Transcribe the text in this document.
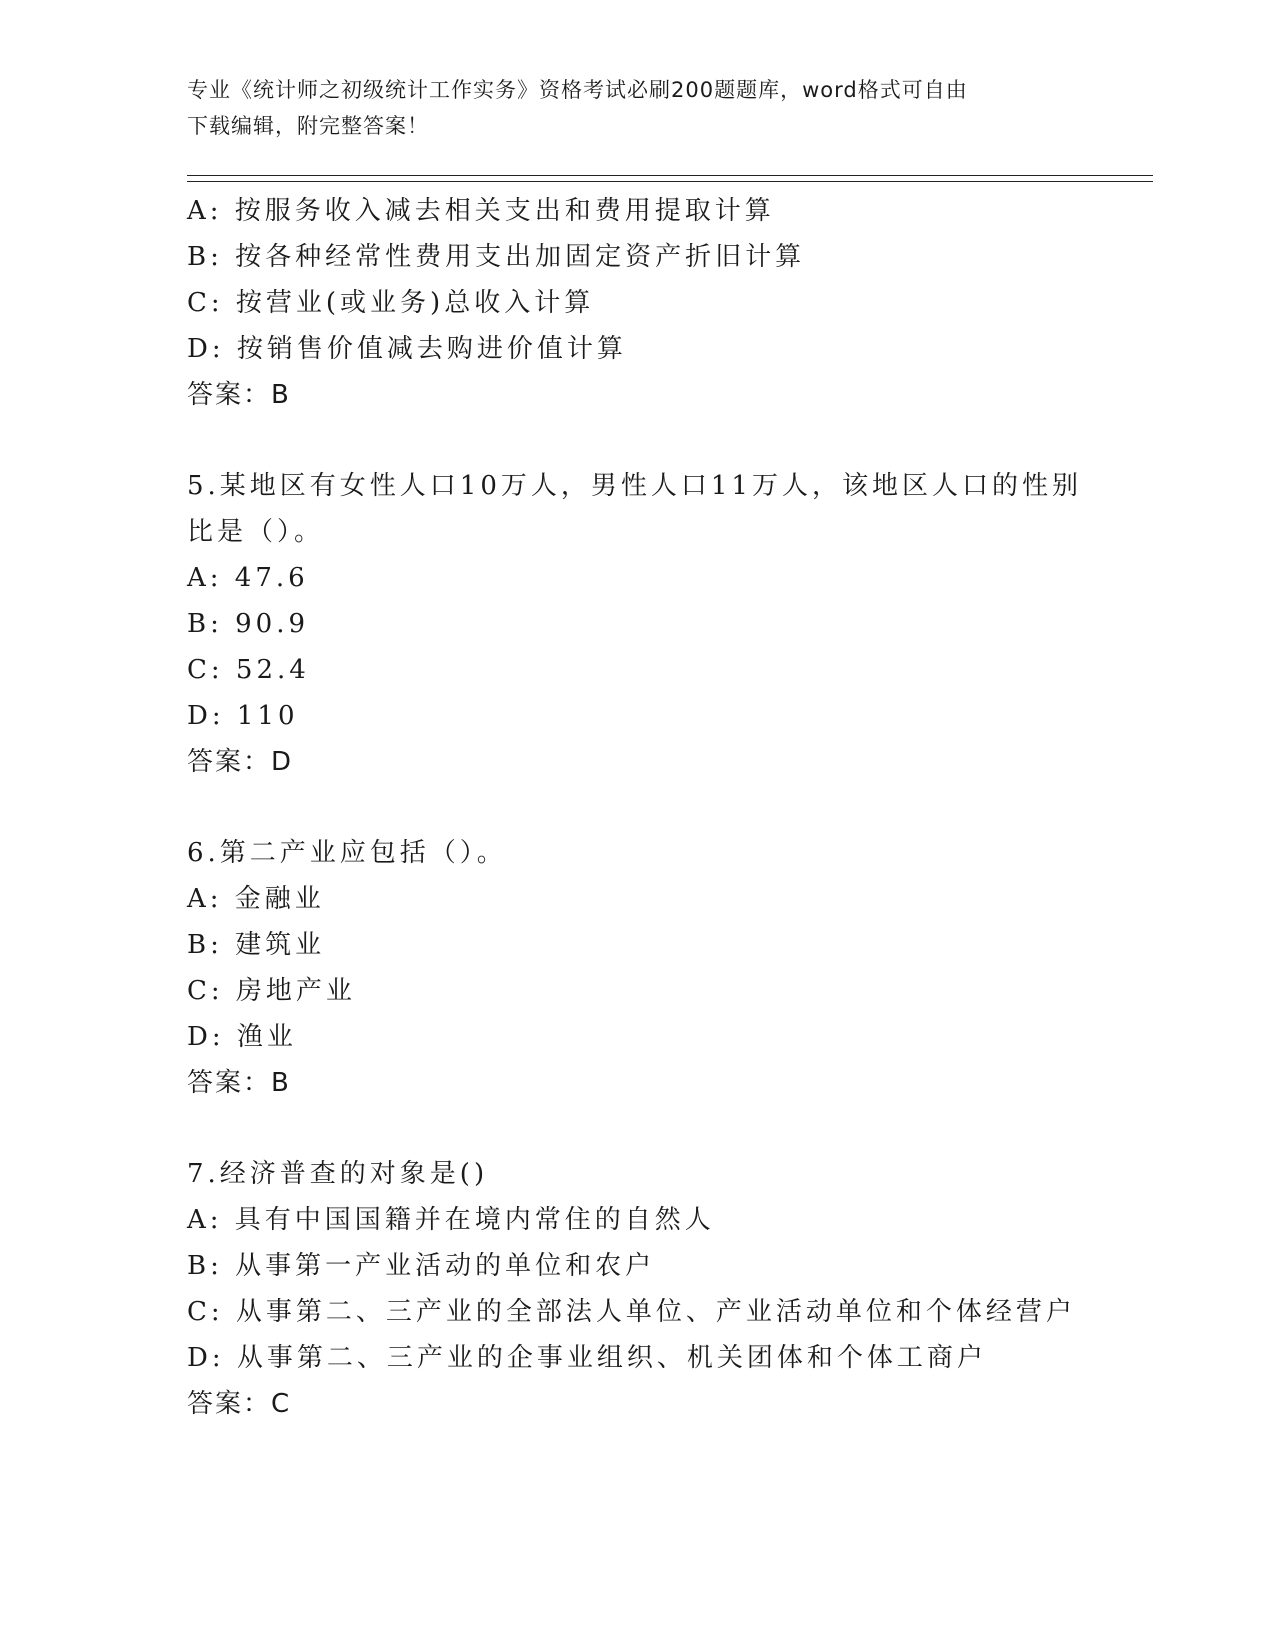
专业《统计师之初级统计工作实务》资格考试必刷200题题库，word格式可自由
下载编辑，附完整答案！
A: 按服务收入减去相关支出和费用提取计算
B: 按各种经常性费用支出加固定资产折旧计算
C: 按营业(或业务)总收入计算
D: 按销售价值减去购进价值计算
答案：B
5.某地区有女性人口10万人，男性人口11万人，该地区人口的性别
比是（）。
A: 47.6
B: 90.9
C: 52.4
D: 110
答案：D
6.第二产业应包括（）。
A: 金融业
B: 建筑业
C: 房地产业
D: 渔业
答案：B
7.经济普查的对象是()
A: 具有中国国籍并在境内常住的自然人
B: 从事第一产业活动的单位和农户
C: 从事第二、三产业的全部法人单位、产业活动单位和个体经营户
D: 从事第二、三产业的企事业组织、机关团体和个体工商户
答案：C
